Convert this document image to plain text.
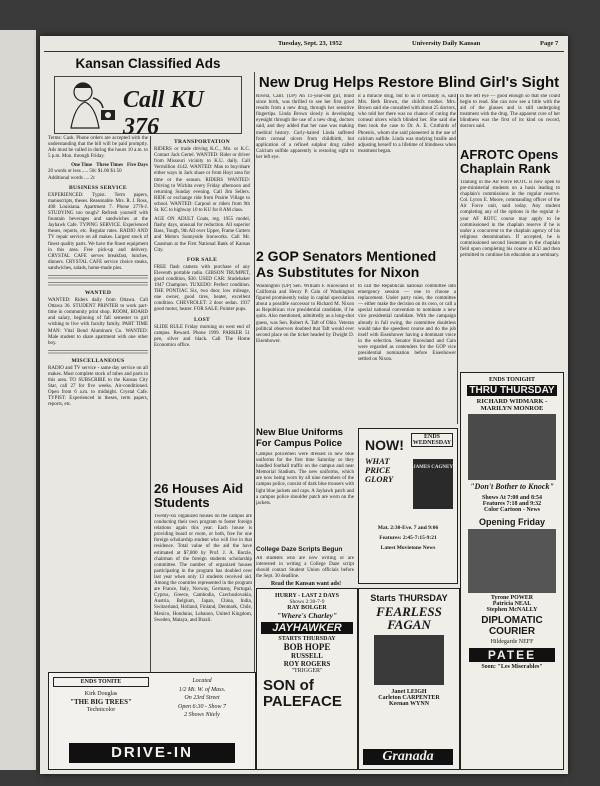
Tuesday, Sept. 23, 1952	University Daily Kansan	Page 7
Kansan Classified Ads
Call KU 376

Terms: Cash. Phone orders are accepted with the understanding that the bill will be paid promptly. Ads must be called in during the hours 10 a.m. to 5 p.m. Mon. through Friday.

One Time Three Times Five Days
20 words or less ..... 50c $1.00 $1.50
Additional words .... 2c
BUSINESS SERVICE

EXPERIENCED: Typist. Term papers, manuscripts, theses. Reasonable. Mrs. R. J. Ross, 408 Louisiana. Apartment 7. Phone 2776-J. STUDYING too tough? Refresh yourself with fountain beverages and sandwiches at the Jayhawk Cafe. TYPING SERVICE. Experienced theses, reports, etc. Regular rates. RADIO AND TV repair service on all makes. Largest stock of finest quality parts. We have the finest equipment in this area. Free pick-up and delivery. CRYSTAL CAFE serves breakfast, lunches, dinners. CRYSTAL CAFE service choice steaks, sandwiches, salads, home-made pies.

WANTED

WANTED: Riders daily from Ottawa. Call Ottawa 36. STUDENT PRINTER to work part-time in community print shop. ROOM, BOARD and salary, beginning of fall semester to girl wishing to live with faculty family. PART TIME MAN: Vital Bend Aluminum Co. WANTED: Male student to share apartment with one other boy.

MISCELLANEOUS

RADIO and TV service - same day service on all makes. Must complete stock of tubes and parts in this area. TO SUBSCRIBE to the Kansas City Star, call 27 for five weeks. Air-conditioned. Open from 6 a.m. to midnight. Crystal Cafe. TYPIST: Experienced in theses, term papers, reports, etc.

TRANSPORTATION

RIDERS or trade driving K.C., Mo. or K.C. Contact Jack Gertel. WANTED: Rider or driver from Missouri vicinity to K.U. daily. Call Vermillion 4142. WANTED: Man to buy/share either ways in Jack share or from Hoyt area for time or the season. RIDERS WANTED: Driving to Wichita every Friday afternoon and returning Sunday evening. Call Jim Sellers. RIDE or exchange ride from Prairie Village to school. WANTED: Carpool or riders from 9th St. KC to highway 10 to KU for 8 AM class.

AGE ON ADULT Coats, reg. 1955 model, flashy days, unusual for reduction. All superior Bass, Tough, 9th All over Upper, Frame Cutters and Motors Sunnyside Ironworks. Call Mr. Causman at the First National Bank of Kansas City.

FOR SALE

FREE flash camera with purchase of any Eleventh portable radio. GIBSON TRUMPET, good condition, $30. USED CAR: Studebaker 1947 Champion. TUXEDO: Perfect condition. THE PONTIAC Six, two door, low mileage, one owner, good tires, heater, excellent condition. CHEVROLET: 2 door sedan. 1937 good motor, heater. FOR SALE: Pointer pups.

LOST

SLIDE RULE Friday morning on west end of campus. Reward. Phone 1999. PARKER 51 pen, silver and black. Call The Home Economics office.

26 Houses Aid Students

Twenty-six organized houses on the campus are conducting their own program to foster foreign relations again this year. Each house is providing board or room, or both, free for one foreign scholarship student who will live in that residence. Total value of the aid the have estimated at $7,800 by Prof. J. A. Burzle, chairman of the foreign students scholarship committee. The number of organized houses participating in the program has doubled over last year when only 13 students received aid. Among the countries represented in the program are France, Italy, Norway, Germany, Portugal, Cyprus, Greece, Cambodia, Czechoslovakia, Austria, Belgium, Japan, China, India, Switzerland, Holland, Finland, Denmark, Chile, Mexico, Honduras, Lebanon, United Kingdom, Sweden, Malaya, and Brazil.

ENDS TONITE
Kirk Douglas
"THE BIG TREES"
Technicolor
Located
1/2 Mi. W. of Mass.
On 23rd Street
Open 6:30 - Show 7
2 Shows Nitely
DRIVE-IN
New Drug Helps Restore Blind Girl's Sight

Rivera, Calif. (UP) An 11-year-old girl, blind since birth, was thrilled to see her first good results from a new drug, through her sensitive fingertips. Linda Brown slowly is developing eyesight through the use of a new drug, doctors said, and they added that her case was making medical history. Curly-haired Linda suffered from corneal ulcers from childbirth, but application of a refined sulphur drug called Calcium sulfide apparently is restoring sight to her left eye.

it a miracle drug, but to us it certainly is, said Mrs. Beth Brown, the child's mother. Mrs. Brown said she consulted with about 25 doctors, who told her there was no chance of curing the corneal ulcers which blinded her. She said she then took the case to Dr. A. E. Cruthirds of Phoenix, whom she said pioneered in the use of calcium sulfide. Linda was studying braille and adjusting herself to a lifetime of blindness when treatment began.

in the left eye — good enough so that she could begin to read. She can now see a little with the aid of the glasses and is still undergoing treatment with the drug. The apparent cure of her blindness was the first of its kind on record, doctors said.

AFROTC Opens Chaplain Rank

Training in the Air Force ROTC is now open to pre-ministerial students on a basis leading to chaplain's commissions in the regular reserve. Col. Lyron E. Moore, commanding officer of the Air Force unit, said today. Any student completing any of the options in the regular 4-year AF ROTC course may apply to be commissioned in the chaplain reserve if he is under a concurrent to the chaplain agency of his religious denomination. If accepted, he is commissioned second lieutenant in the chaplain field upon completing his course at KU and then permitted to continue his education at a seminary.

2 GOP Senators Mentioned As Substitutes for Nixon

Washington (UP) Sen. William F. Knowland of California and Henry P. Cain of Washington figured prominently today in capital speculation about a possible successor to Richard M. Nixon as Republican vice presidential candidate, if he quits. Also mentioned, admittedly as a long-shot guess, was Sen. Robert A. Taft of Ohio. Veteran political observers doubted that Taft would ever second place on the ticket headed by Dwight D. Eisenhower.

to call the Republican national committee into emergency session — one to choose a replacement. Under party rules, the committee — either make the decision on its own, or call a special national convention to nominate a new vice presidential candidate. With the campaign already in full swing, the committee doubtless would take the speediest course and do the job itself with Eisenhower having a dominant voice in the selection. Senator Knowland and Cain were regarded as contenders for the GOP vice presidential nomination before Eisenhower settled on Nixon.

New Blue Uniforms For Campus Police

Campus policemen were dressed in new blue uniforms for the first time Saturday so they handled football traffic on the campus and near Memorial Stadium. The new uniforms, which are now being worn by all nine members of the campus police, consist of dark blue trousers with light blue jackets and caps. A Jayhawk patch and a campus police shoulder patch are worn on the jackets.

College Daze Scripts Begun

All students who are now writing or are interested in writing a College Daze script should contact Student Union officials before the Sept. 30 deadline.

Read the Kansan want ads!
ENDS WEDNESDAY
NOW!
WHAT PRICE GLORY
JAMES CAGNEY
Mat. 2:30-Eve. 7 and 9:06
Features: 2:45-7:15-9:21
Latest Movietone News
HURRY - LAST 2 DAYS
Shows 2:30-7-9
RAY BOLGER
"Where's Charley"
JAYHAWKER
STARTS THURSDAY
BOB HOPE
RUSSELL
ROY ROGERS
"TRIGGER"
SON of PALEFACE
Starts THURSDAY
FEARLESS FAGAN
Janet LEIGH
Carleton CARPENTER
Keenan WYNN
Granada
ENDS TONIGHT
THRU THURSDAY
RICHARD WIDMARK - MARILYN MONROE
"Don't Bother to Knock"
Shows At 7:00 and 8:54
Features 7:18 and 9:32
Color Cartoon - News
Opening Friday
Tyrone POWER
Patricia NEAL
Stephen McNALLY
DIPLOMATIC COURIER
Hildegarde NEFF
PATEE
Soon: "Les Miserables"
